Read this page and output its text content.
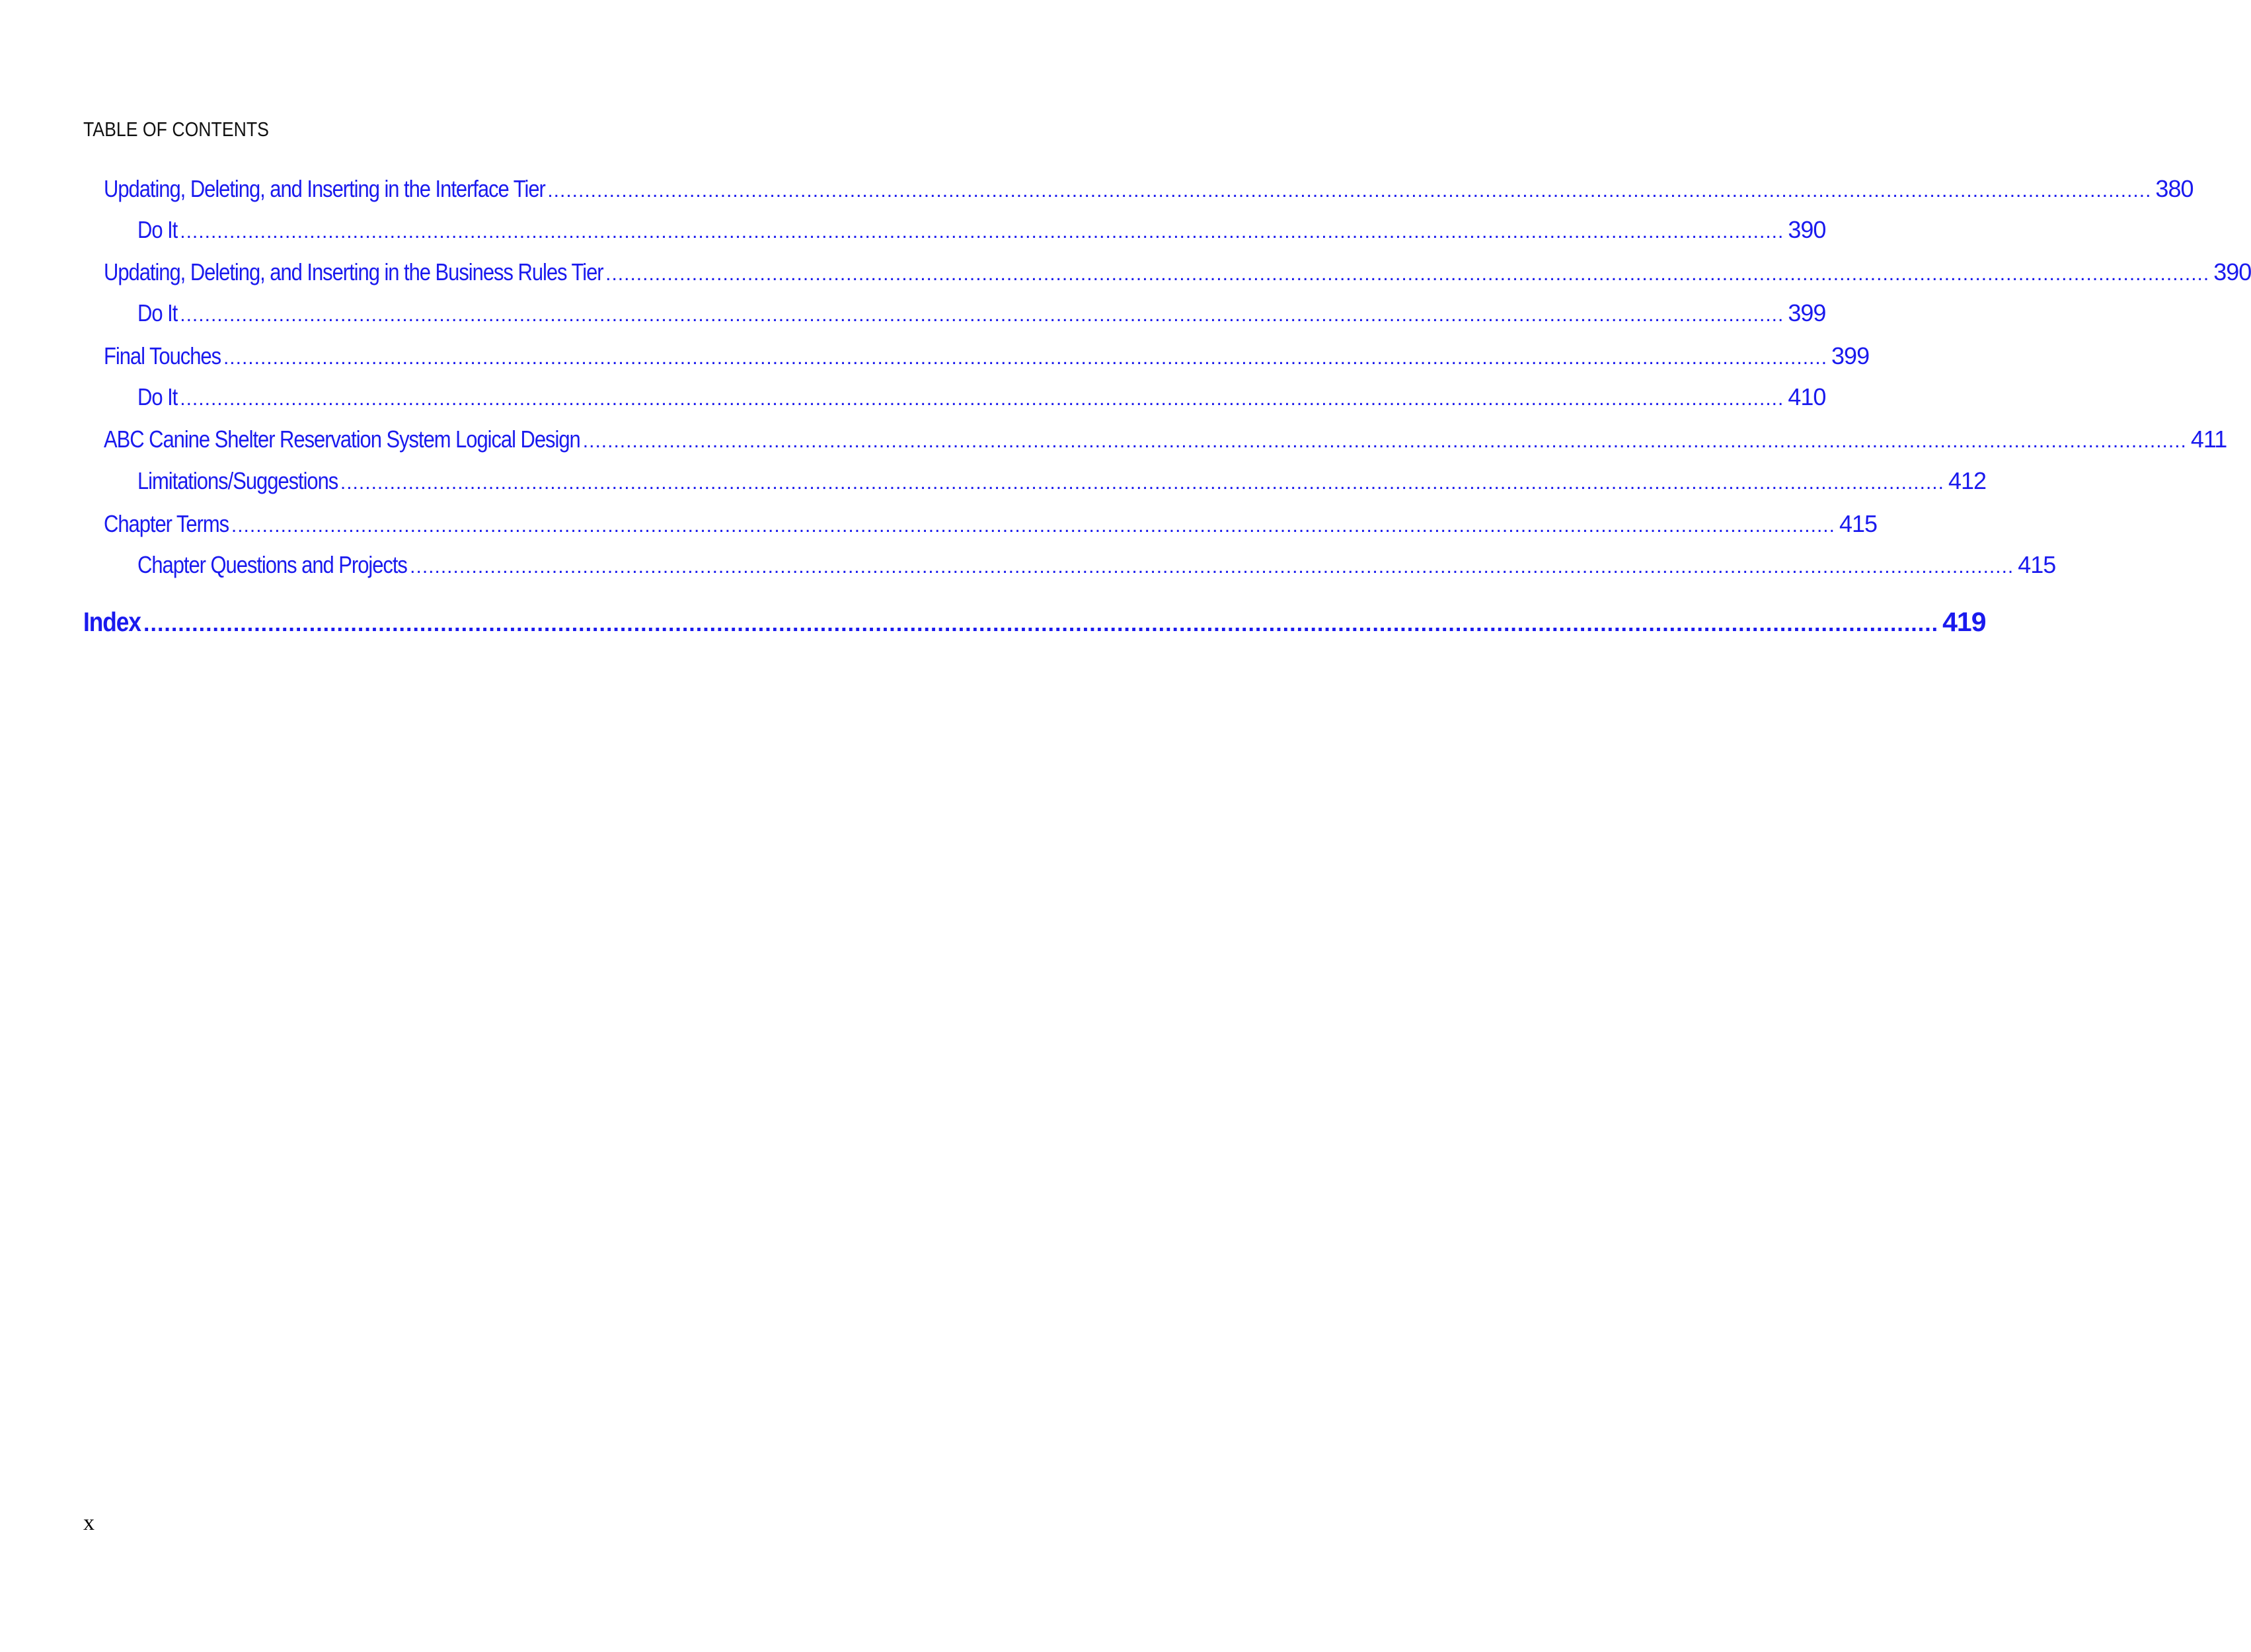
TABLE OF CONTENTS
Updating, Deleting, and Inserting in the Interface Tier .................................................................................................................................................................................................................................................................... 380
Do It .................................................................................................................................................................................................................................................................... 390
Updating, Deleting, and Inserting in the Business Rules Tier .................................................................................................................................................................................................................................................................... 390
Do It .................................................................................................................................................................................................................................................................... 399
Final Touches .................................................................................................................................................................................................................................................................... 399
Do It .................................................................................................................................................................................................................................................................... 410
ABC Canine Shelter Reservation System Logical Design .................................................................................................................................................................................................................................................................... 411
Limitations/Suggestions .................................................................................................................................................................................................................................................................... 412
Chapter Terms .................................................................................................................................................................................................................................................................... 415
Chapter Questions and Projects .................................................................................................................................................................................................................................................................... 415
Index .................................................................................................................................................................................................................................................................... 419
x
